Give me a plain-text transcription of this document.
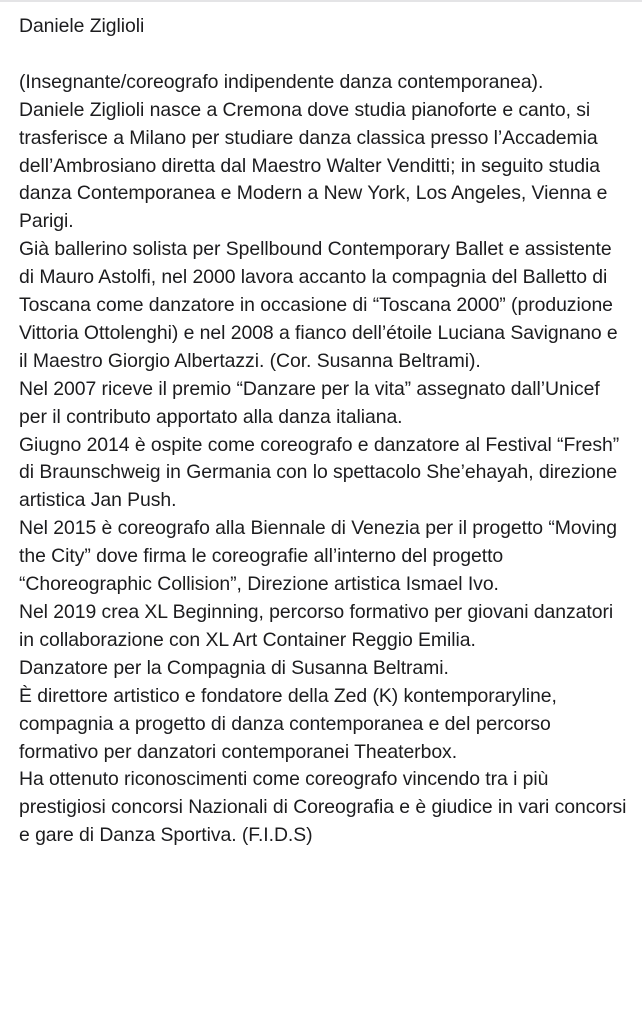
Daniele Ziglioli

(Insegnante/coreografo indipendente danza contemporanea).

Daniele Ziglioli nasce a Cremona dove studia pianoforte e canto, si trasferisce a Milano per studiare danza classica presso l’Accademia dell’Ambrosiano diretta dal Maestro Walter Venditti; in seguito studia danza Contemporanea e Modern a New York, Los Angeles, Vienna e Parigi.

Già ballerino solista per Spellbound Contemporary Ballet e assistente di Mauro Astolfi, nel 2000 lavora accanto la compagnia del Balletto di Toscana come danzatore in occasione di “Toscana 2000” (produzione Vittoria Ottolenghi) e nel 2008 a fianco dell’étoile Luciana Savignano e il Maestro Giorgio Albertazzi. (Cor. Susanna Beltrami).

Nel 2007 riceve il premio “Danzare per la vita” assegnato dall’Unicef per il contributo apportato alla danza italiana.

Giugno 2014 è ospite come coreografo e danzatore al Festival “Fresh” di Braunschweig in Germania con lo spettacolo She’ehayah, direzione artistica Jan Push.

Nel 2015 è coreografo alla Biennale di Venezia per il progetto “Moving the City” dove firma le coreografie all’interno del progetto “Choreographic Collision”, Direzione artistica Ismael Ivo.

Nel 2019 crea XL Beginning, percorso formativo per giovani danzatori in collaborazione con XL Art Container Reggio Emilia.

Danzatore per la Compagnia di Susanna Beltrami.

È direttore artistico e fondatore della Zed (K) kontemporaryline, compagnia a progetto di danza contemporanea e del percorso formativo per danzatori contemporanei Theaterbox.

Ha ottenuto riconoscimenti come coreografo vincendo tra i più prestigiosi concorsi Nazionali di Coreografia e è giudice in vari concorsi e gare di Danza Sportiva. (F.I.D.S)
